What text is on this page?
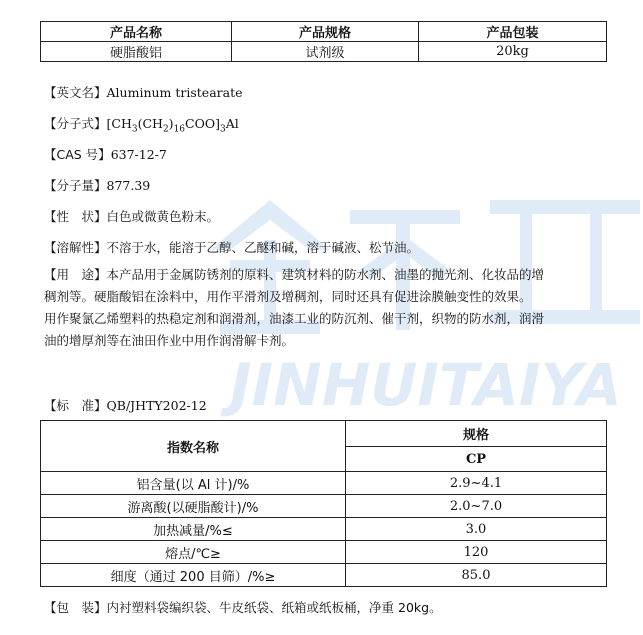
JINHUITAIYA
产品名称	产品规格	产品包装
硬脂酸铝	试剂级	20kg
【英文名】Aluminum tristearate
【分子式】$[CH_3(CH_2)_{16}COO]_3Al$
【CAS 号】637-12-7
【分子量】877.39
【性　状】白色或微黄色粉末。
【溶解性】不溶于水，能溶于乙醇、乙醚和碱，溶于碱液、松节油。
【用　途】本产品用于金属防锈剂的原料、建筑材料的防水剂、油墨的抛光剂、化妆品的增
稠剂等。硬脂酸铝在涂料中，用作平滑剂及增稠剂，同时还具有促进涂膜触变性的效果。
用作聚氯乙烯塑料的热稳定剂和润滑剂，油漆工业的防沉剂、催干剂，织物的防水剂，润滑
油的增厚剂等在油田作业中用作润滑解卡剂。
【标　准】QB/JHTY202-12
指数名称	规格
	CP
铝含量(以 Al 计)/%	2.9~4.1
游离酸(以硬脂酸计)/%	2.0~7.0
加热减量/%≤	3.0
熔点/℃≥	120
细度（通过 200 目筛）/%≥	85.0
【包　装】内衬塑料袋编织袋、牛皮纸袋、纸箱或纸板桶，净重 20kg。
